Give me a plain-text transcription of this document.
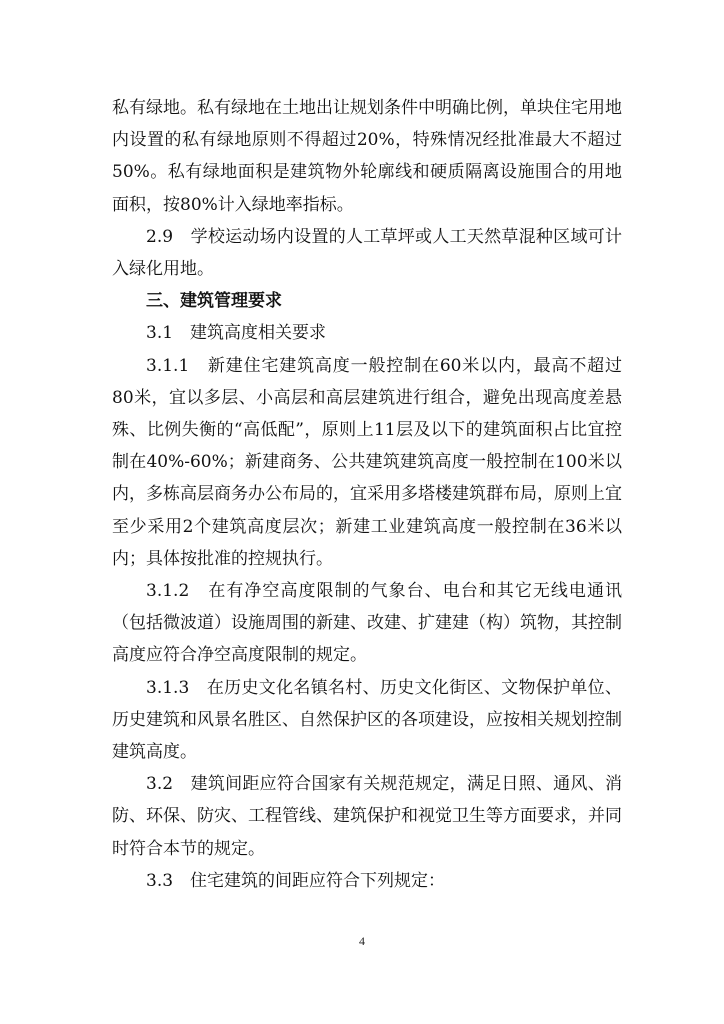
私有绿地。私有绿地在土地出让规划条件中明确比例，单块住宅用地内设置的私有绿地原则不得超过20%，特殊情况经批准最大不超过50%。私有绿地面积是建筑物外轮廓线和硬质隔离设施围合的用地面积，按80%计入绿地率指标。

2.9　学校运动场内设置的人工草坪或人工天然草混种区域可计入绿化用地。

三、建筑管理要求

3.1　建筑高度相关要求

3.1.1　新建住宅建筑高度一般控制在60米以内，最高不超过80米，宜以多层、小高层和高层建筑进行组合，避免出现高度差悬殊、比例失衡的“高低配”，原则上11层及以下的建筑面积占比宜控制在40%-60%；新建商务、公共建筑建筑高度一般控制在100米以内，多栋高层商务办公布局的，宜采用多塔楼建筑群布局，原则上宜至少采用2个建筑高度层次；新建工业建筑高度一般控制在36米以内；具体按批准的控规执行。

3.1.2　在有净空高度限制的气象台、电台和其它无线电通讯（包括微波道）设施周围的新建、改建、扩建建（构）筑物，其控制高度应符合净空高度限制的规定。

3.1.3　在历史文化名镇名村、历史文化街区、文物保护单位、历史建筑和风景名胜区、自然保护区的各项建设，应按相关规划控制建筑高度。

3.2　建筑间距应符合国家有关规范规定，满足日照、通风、消防、环保、防灾、工程管线、建筑保护和视觉卫生等方面要求，并同时符合本节的规定。

3.3　住宅建筑的间距应符合下列规定：

4
